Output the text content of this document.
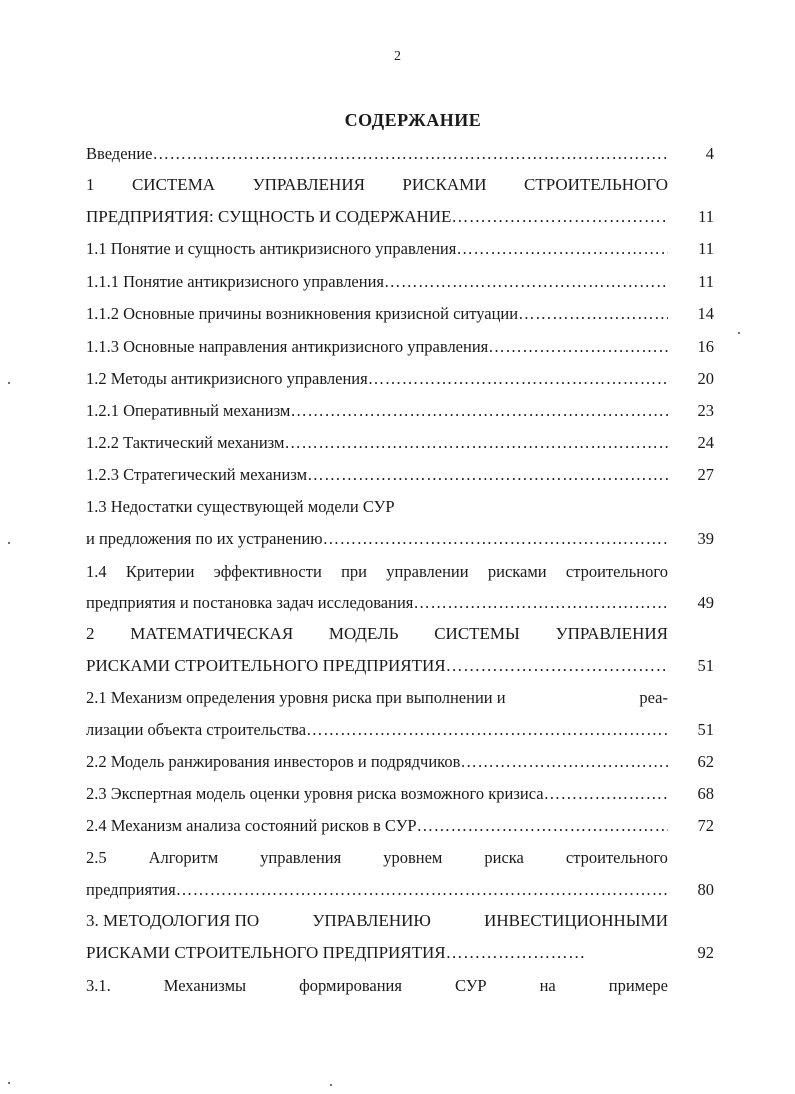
2
СОДЕРЖАНИЕ
Введение ……………………………………………………………………………………………………………………………………………………………………………	4
1 СИСТЕМА УПРАВЛЕНИЯ РИСКАМИ СТРОИТЕЛЬНОГО
ПРЕДПРИЯТИЯ: СУЩНОСТЬ И СОДЕРЖАНИЕ ……………………………………………………………………………………………………………………………………………………………………………	11
1.1 Понятие и сущность антикризисного управления ……………………………………………………………………………………………………………………………………………………………………………	11
1.1.1 Понятие антикризисного управления ……………………………………………………………………………………………………………………………………………………………………………	11
1.1.2 Основные причины возникновения кризисной ситуации ……………………………………………………………………………………………………………………………………………………………………………	14
1.1.3 Основные направления антикризисного управления ……………………………………………………………………………………………………………………………………………………………………………	16
1.2 Методы антикризисного управления ……………………………………………………………………………………………………………………………………………………………………………	20
1.2.1 Оперативный механизм ……………………………………………………………………………………………………………………………………………………………………………	23
1.2.2 Тактический механизм ……………………………………………………………………………………………………………………………………………………………………………	24
1.2.3 Стратегический механизм ……………………………………………………………………………………………………………………………………………………………………………	27
1.3 Недостатки существующей модели СУР
и предложения по их устранению ……………………………………………………………………………………………………………………………………………………………………………	39
1.4 Критерии эффективности при управлении рисками строительного
предприятия и постановка задач исследования ……………………………………………………………………………………………………………………………………………………………………………	49
2 МАТЕМАТИЧЕСКАЯ МОДЕЛЬ СИСТЕМЫ УПРАВЛЕНИЯ
РИСКАМИ СТРОИТЕЛЬНОГО ПРЕДПРИЯТИЯ ……………………………………………………………………………………………………………………………………………………………………………	51
2.1 Механизм определения уровня риска при выполнении и	реа-
лизации объекта строительства ……………………………………………………………………………………………………………………………………………………………………………	51
2.2 Модель ранжирования инвесторов и подрядчиков ……………………………………………………………………………………………………………………………………………………………………………	62
2.3 Экспертная модель оценки уровня риска возможного кризиса ……………………………………………………………………………………………………………………………………………………………………………	68
2.4 Механизм анализа состояний рисков в СУР ……………………………………………………………………………………………………………………………………………………………………………	72
2.5	Алгоритм	управления	уровнем	риска	строительного
предприятия ……………………………………………………………………………………………………………………………………………………………………………	80
3. МЕТОДОЛОГИЯ ПО	УПРАВЛЕНИЮ	ИНВЕСТИЦИОННЫМИ
РИСКАМИ СТРОИТЕЛЬНОГО ПРЕДПРИЯТИЯ ……………………………………………………………………………………………………………………………………………………………………………	92
3.1.	Механизмы	формирования	СУР	на	примере
